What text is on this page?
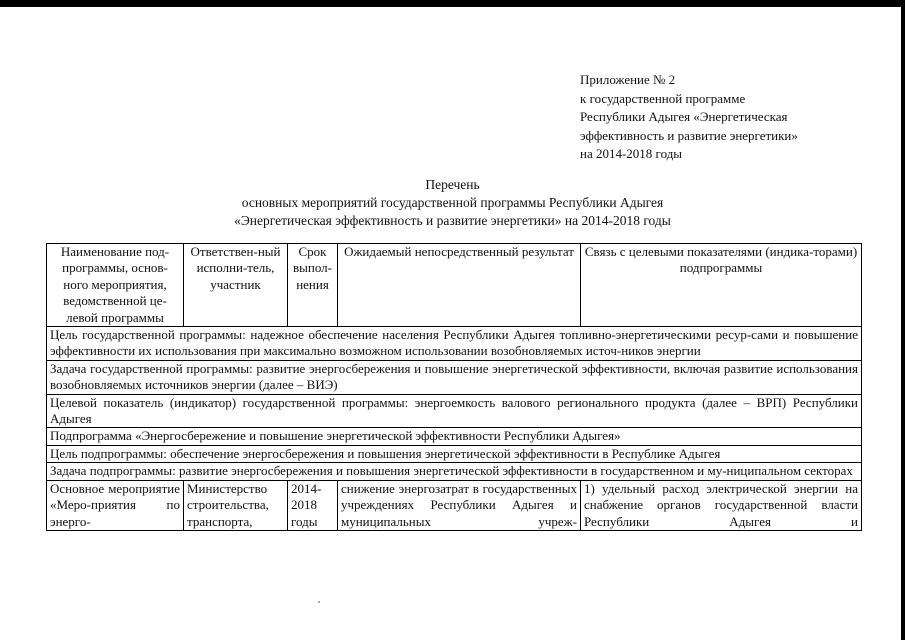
Приложение № 2
к государственной программе
Республики Адыгея «Энергетическая
эффективность и развитие энергетики»
на 2014-2018 годы
Перечень
основных мероприятий государственной программы Республики Адыгея
«Энергетическая эффективность и развитие энергетики» на 2014-2018 годы
Наименование под-программы, основ-ного мероприятия, ведомственной це-левой программы	Ответствен-ный исполни-тель, участник	Срок выпол-нения	Ожидаемый непосредственный результат	Связь с целевыми показателями (индика-торами) подпрограммы
Цель государственной программы: надежное обеспечение населения Республики Адыгея топливно-энергетическими ресур-сами и повышение эффективности их использования при максимально возможном использовании возобновляемых источ-ников энергии				
Задача государственной программы: развитие энергосбережения и повышение энергетической эффективности, включая развитие использования возобновляемых источников энергии (далее – ВИЭ)				
Целевой показатель (индикатор) государственной программы: энергоемкость валового регионального продукта (далее – ВРП) Республики Адыгея				
Подпрограмма «Энергосбережение и повышение энергетической эффективности Республики Адыгея»				
Цель подпрограммы: обеспечение энергосбережения и повышения энергетической эффективности в Республике Адыгея				
Задача подпрограммы: развитие энергосбережения и повышения энергетической эффективности в государственном и му-ниципальном секторах				
Основное мероприятие «Меро-приятия по энерго-	Министерство строительства, транспорта,	2014-2018 годы	снижение энергозатрат в государственных учреждениях Республики Адыгея и муниципальных учреж-	1) удельный расход электрической энергии на снабжение органов государственной власти Республики Адыгея и
